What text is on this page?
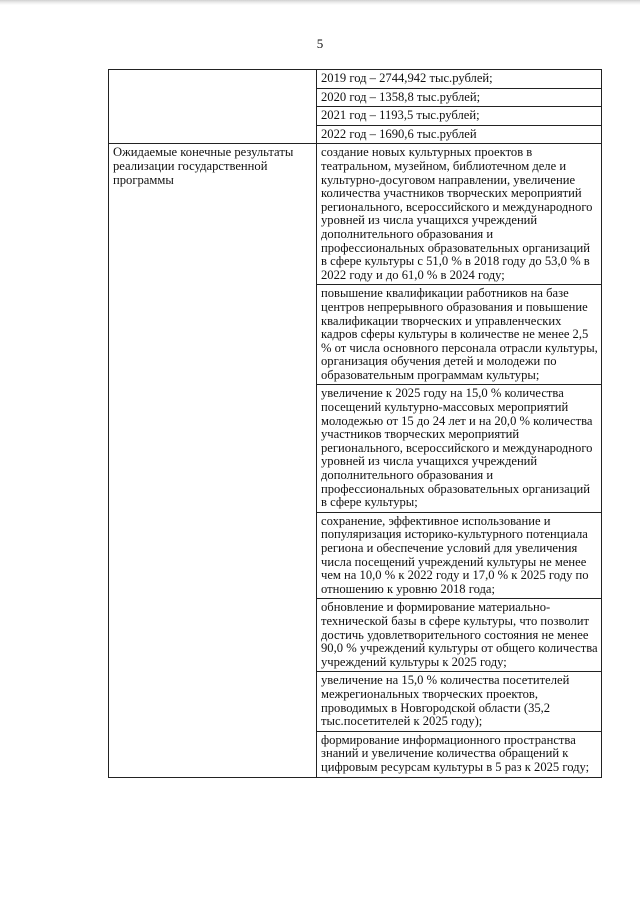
5
	2019 год – 2744,942 тыс.рублей;
	2020 год – 1358,8 тыс.рублей;
	2021 год – 1193,5 тыс.рублей;
	2022 год – 1690,6 тыс.рублей
Ожидаемые конечные результаты реализации государственной программы	создание новых культурных проектов в театральном, музейном, библиотечном деле и культурно-досуговом направлении, увеличение количества участников творческих мероприятий регионального, всероссийского и международного уровней из числа учащихся учреждений дополнительного образования и профессиональных образовательных организаций в сфере культуры с 51,0 % в 2018 году до 53,0 % в 2022 году и до 61,0 % в 2024 году;
	повышение квалификации работников на базе центров непрерывного образования и повышение квалификации творческих и управленческих кадров сферы культуры в количестве не менее 2,5 % от числа основного персонала отрасли культуры, организация обучения детей и молодежи по образовательным программам культуры;
	увеличение к 2025 году на 15,0 % количества посещений культурно-массовых мероприятий молодежью от 15 до 24 лет и на 20,0 % количества участников творческих мероприятий регионального, всероссийского и международного уровней из числа учащихся учреждений дополнительного образования и профессиональных образовательных организаций в сфере культуры;
	сохранение, эффективное использование и популяризация историко-культурного потенциала региона и обеспечение условий для увеличения числа посещений учреждений культуры не менее чем на 10,0 % к 2022 году и 17,0 % к 2025 году по отношению к уровню 2018 года;
	обновление и формирование материально-технической базы в сфере культуры, что позволит достичь удовлетворительного состояния не менее 90,0 % учреждений культуры от общего количества учреждений культуры к 2025 году;
	увеличение на 15,0 % количества посетителей межрегиональных творческих проектов, проводимых в Новгородской области (35,2 тыс.посетителей к 2025 году);
	формирование информационного пространства знаний и увеличение количества обращений к цифровым ресурсам культуры в 5 раз к 2025 году;
